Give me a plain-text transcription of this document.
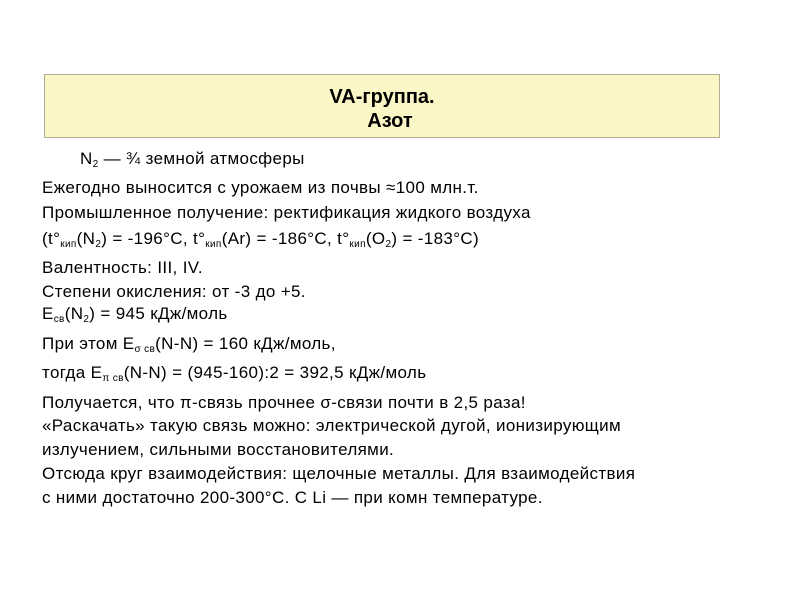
VA-группа.
Азот
$N_2$ — ¾ земной атмосферы
Ежегодно выносится с урожаем из почвы ≈100 млн.т.
Промышленное получение: ректификация жидкого воздуха
($t^\circ кип(N_2) = -196^\circ C$, t°кип(Ar) = -186°C, $t^\circ кип(O_2) = -183^\circ C$)
Валентность: III, IV.
Степени окисления: от -3 до +5.
$E_{св}(N_2) = 945$ кДж/моль
При этом $E_{\sigma св}(N-N) = 160$ кДж/моль,
тогда $E_{\pi св}(N-N)$ = (945-160):2 = 392,5 кДж/моль
Получается, что π-связь прочнее σ-связи почти в 2,5 раза!
«Раскачать» такую связь можно: электрической дугой, ионизирующим
излучением, сильными восстановителями.
Отсюда круг взаимодействия: щелочные металлы. Для взаимодействия
с ними достаточно 200-300°C. С Li — при комн температуре.
